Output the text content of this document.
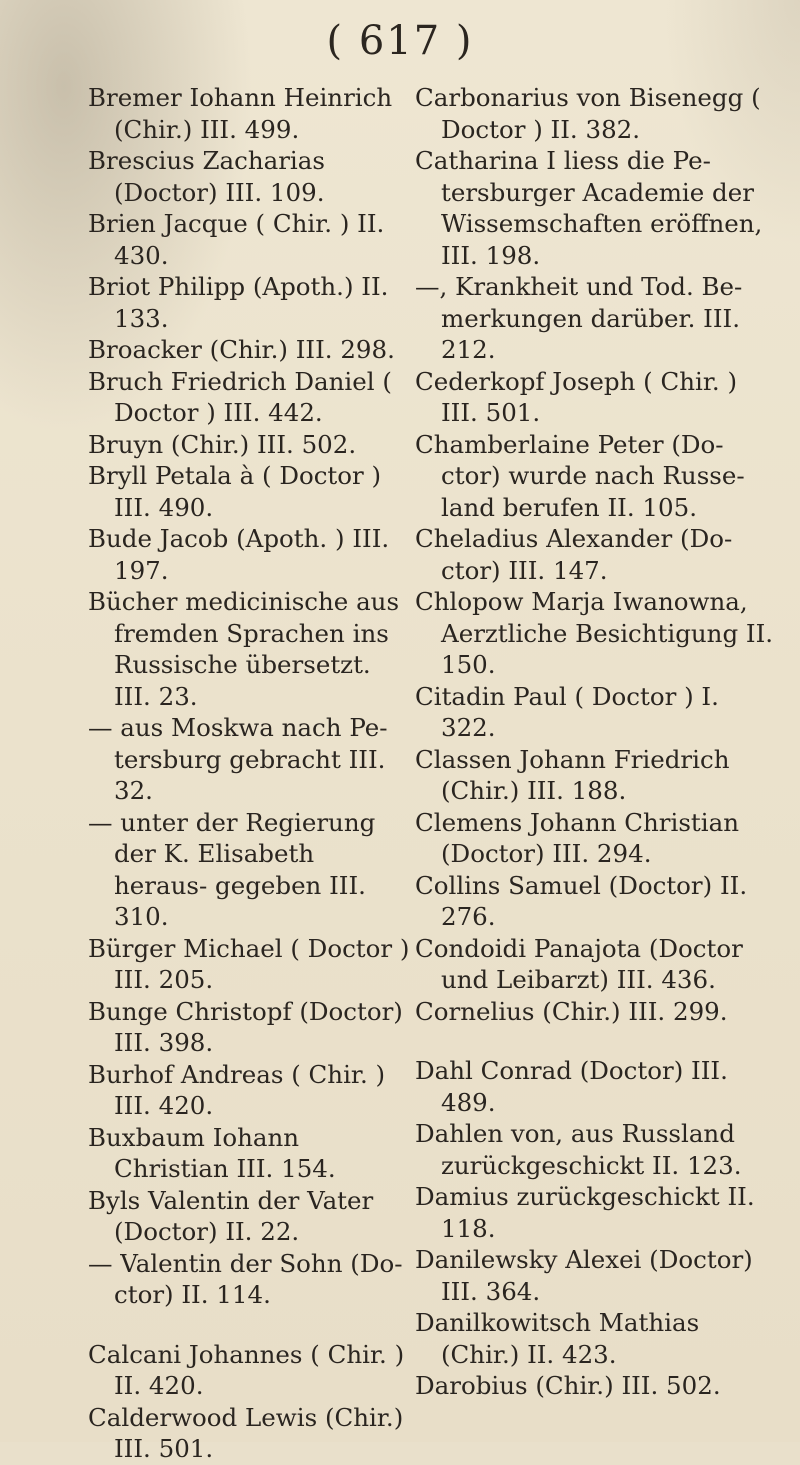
( 617 )

Bremer Iohann Heinrich (Chir.) III. 499.

Brescius Zacharias (Doctor) III. 109.

Brien Jacque ( Chir. ) II. 430.

Briot Philipp (Apoth.) II. 133.

Broacker (Chir.) III. 298.

Bruch Friedrich Daniel ( Doctor ) III. 442.

Bruyn (Chir.) III. 502.

Bryll Petala à ( Doctor ) III. 490.

Bude Jacob (Apoth. ) III. 197.

Bücher medicinische aus fremden Sprachen ins Russische übersetzt. III. 23.

— aus Moskwa nach Pe- tersburg gebracht III. 32.

— unter der Regierung der K. Elisabeth heraus- gegeben III. 310.

Bürger Michael ( Doctor ) III. 205.

Bunge Christopf (Doctor) III. 398.

Burhof Andreas ( Chir. ) III. 420.

Buxbaum Iohann Christian III. 154.

Byls Valentin der Vater (Doctor) II. 22.

— Valentin der Sohn (Do- ctor) II. 114.

Calcani Johannes ( Chir. ) II. 420.

Calderwood Lewis (Chir.) III. 501.

Carbonarius von Bisenegg ( Doctor ) II. 382.

Catharina I liess die Pe- tersburger Academie der Wissemschaften eröffnen, III. 198.

—, Krankheit und Tod. Be- merkungen darüber. III. 212.

Cederkopf Joseph ( Chir. ) III. 501.

Chamberlaine Peter (Do- ctor) wurde nach Russe- land berufen II. 105.

Cheladius Alexander (Do- ctor) III. 147.

Chlopow Marja Iwanowna, Aerztliche Besichtigung II. 150.

Citadin Paul ( Doctor ) I. 322.

Classen Johann Friedrich (Chir.) III. 188.

Clemens Johann Christian (Doctor) III. 294.

Collins Samuel (Doctor) II. 276.

Condoidi Panajota (Doctor und Leibarzt) III. 436.

Cornelius (Chir.) III. 299.

Dahl Conrad (Doctor) III. 489.

Dahlen von, aus Russland zurückgeschickt II. 123.

Damius zurückgeschickt II. 118.

Danilewsky Alexei (Doctor) III. 364.

Danilkowitsch Mathias (Chir.) II. 423.

Darobius (Chir.) III. 502.
